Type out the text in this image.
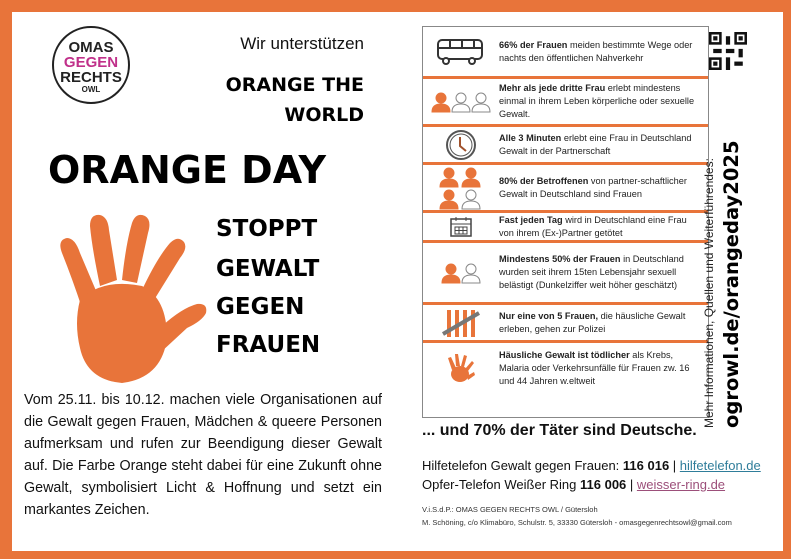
OMAS
GEGEN
RECHTS
OWL
Wir unterstützen
ORANGE THE
WORLD
ORANGE DAY
STOPPT
GEWALT
GEGEN
FRAUEN
Vom 25.11. bis 10.12. machen viele Organisationen auf die Gewalt gegen Frauen, Mädchen & queere Personen aufmerksam und rufen zur Beendigung dieser Gewalt auf. Die Farbe Orange steht dabei für eine Zukunft ohne Gewalt, symbolisiert Licht & Hoffnung und setzt ein markantes Zeichen.
66% der Frauen meiden bestimmte Wege oder nachts den öffentlichen Nahverkehr
Mehr als jede dritte Frau erlebt mindestens einmal in ihrem Leben körperliche oder sexuelle Gewalt.
Alle 3 Minuten erlebt eine Frau in Deutschland Gewalt in der Partnerschaft
80% der Betroffenen von partner-schaftlicher Gewalt in Deutschland sind Frauen
Fast jeden Tag wird in Deutschland eine Frau von ihrem (Ex-)Partner getötet
Mindestens 50% der Frauen in Deutschland wurden seit ihrem 15ten Lebensjahr sexuell belästigt (Dunkelziffer weit höher geschätzt)
Nur eine von 5 Frauen, die häusliche Gewalt erleben, gehen zur Polizei
Häusliche Gewalt ist tödlicher als Krebs, Malaria oder Verkehrsunfälle für Frauen zw. 16 und 44 Jahren w.eltweit	Mehr Informationen, Quellen und Weiterführendes: ogrowl.de/orangeday2025
... und 70% der Täter sind Deutsche.
Hilfetelefon Gewalt gegen Frauen: 116 016 | hilfetelefon.de
Opfer-Telefon Weißer Ring 116 006 | weisser-ring.de
V.i.S.d.P.: OMAS GEGEN RECHTS OWL / Gütersloh
M. Schöning, c/o Klimabüro, Schulstr. 5, 33330 Gütersloh - omasgegenrechtsowl@gmail.com
